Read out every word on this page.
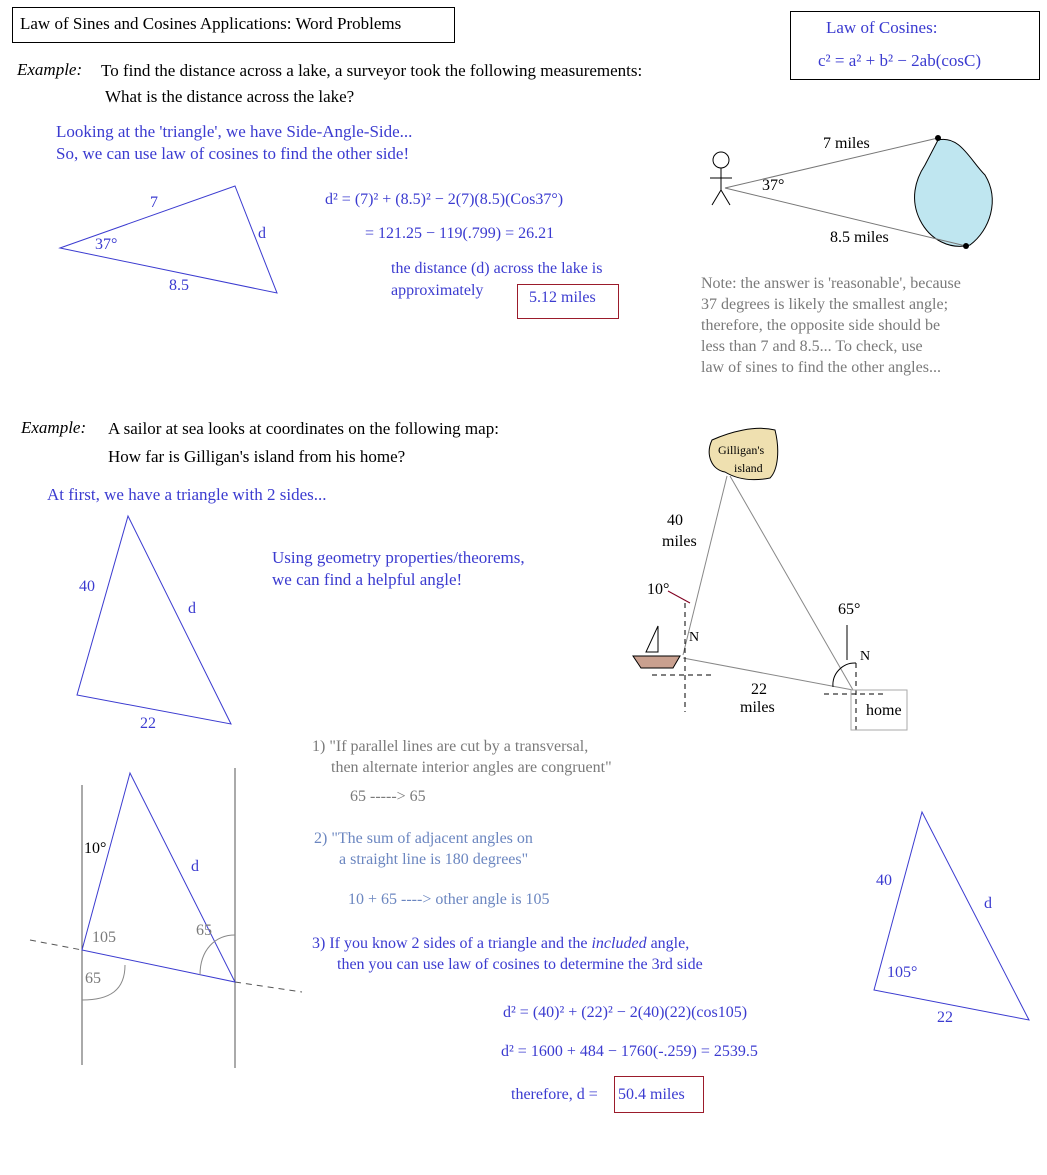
Law of Sines and Cosines Applications: Word Problems	Law of Cosines:
c² = a² + b² − 2ab(cosC)
Example: To find the distance across a lake, a surveyor took the following measurements:
What is the distance across the lake?
Looking at the 'triangle', we have Side-Angle-Side...
So, we can use law of cosines to find the other side!
7
d
37°
8.5
d² = (7)² + (8.5)² − 2(7)(8.5)(Cos37°)
= 121.25 − 119(.799) = 26.21
the distance (d) across the lake is
approximately	5.12 miles
7 miles
37°
8.5 miles
Note: the answer is 'reasonable', because
37 degrees is likely the smallest angle;
therefore, the opposite side should be
less than 7 and 8.5... To check, use
law of sines to find the other angles...
Example: A sailor at sea looks at coordinates on the following map:
How far is Gilligan's island from his home?
At first, we have a triangle with 2 sides...
40
d
22
Using geometry properties/theorems,
we can find a helpful angle!
Gilligan's
island
40
miles
10°
65°
N
N
22
miles	home
1) "If parallel lines are cut by a transversal,
then alternate interior angles are congruent"
65 -----> 65
2) "The sum of adjacent angles on
a straight line is 180 degrees"
10 + 65 ----> other angle is 105
3) If you know 2 sides of a triangle and the included angle,
then you can use law of cosines to determine the 3rd side
d² = (40)² + (22)² − 2(40)(22)(cos105)
d² = 1600 + 484 − 1760(-.259) = 2539.5
therefore, d = 50.4 miles
10°
d
105	65
65
40
d
105°
22
